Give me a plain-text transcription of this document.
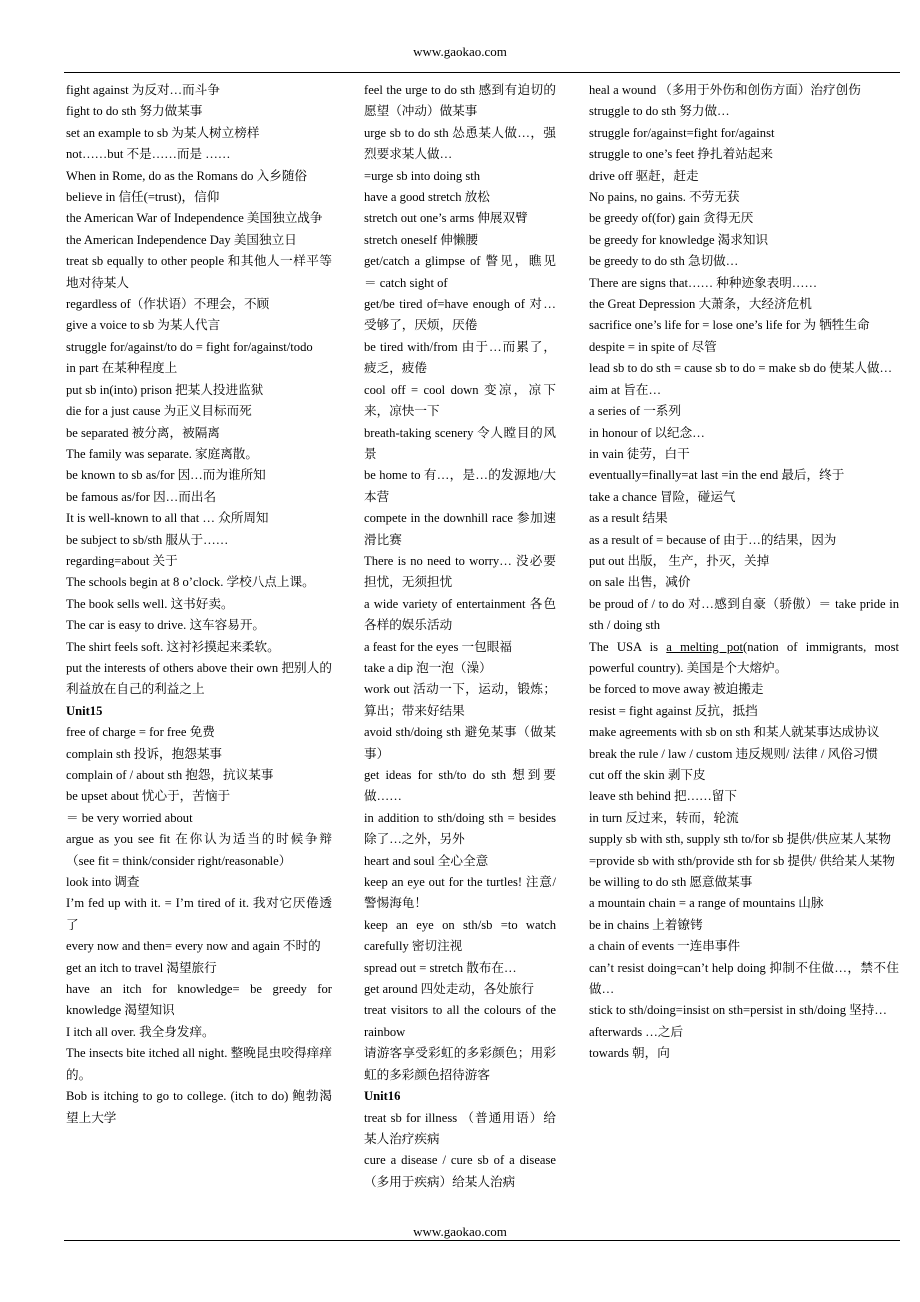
www.gaokao.com
fight against 为反对…而斗争
fight to do sth 努力做某事
set an example to sb 为某人树立榜样
not……but 不是……而是 ……
When in Rome, do as the Romans do 入乡随俗
believe in 信任(=trust)，信仰
the American War of Independence 美国独立战争
the American Independence Day 美国独立日
treat sb equally to other people 和其他人一样平等地对待某人
regardless of（作状语）不理会，不顾
give a voice to sb 为某人代言
struggle for/against/to do = fight for/against/todo
in part 在某种程度上
put sb in(into) prison 把某人投进监狱
die for a just cause 为正义目标而死
be separated 被分离，被隔离
The family was separate. 家庭离散。
be known to sb as/for 因…而为谁所知
be famous as/for 因…而出名
It is well-known to all that … 众所周知
be subject to sb/sth 服从于……
regarding=about 关于
The schools begin at 8 o’clock. 学校八点上课。
The book sells well. 这书好卖。
The car is easy to drive. 这车容易开。
The shirt feels soft. 这衬衫摸起来柔软。
put the interests of others above their own 把别人的利益放在自己的利益之上
Unit15
free of charge = for free 免费
complain sth 投诉，抱怨某事
complain of / about sth 抱怨，抗议某事
be upset about 忧心于，苦恼于
＝ be very worried about
argue as you see fit 在你认为适当的时候争辩（see fit = think/consider right/reasonable）
look into 调查
I’m fed up with it. = I’m tired of it. 我对它厌倦透了
every now and then= every now and again 不时的
get an itch to travel 渴望旅行
have an itch for knowledge= be greedy for knowledge 渴望知识
I itch all over. 我全身发痒。
The insects bite itched all night. 整晚昆虫咬得痒痒的。
Bob is itching to go to college. (itch to do) 鲍勃渴望上大学
feel the urge to do sth 感到有迫切的愿望（冲动）做某事
urge sb to do sth 怂恿某人做…，强烈要求某人做…
=urge sb into doing sth
have a good stretch 放松
stretch out one’s arms 伸展双臂
stretch oneself 伸懒腰
get/catch a glimpse of 瞥见，瞧见 ＝ catch sight of
get/be tired of=have enough of 对…受够了，厌烦，厌倦
be tired with/from 由于…而累了，疲乏，疲倦
cool off = cool down 变凉，凉下来，凉快一下
breath-taking scenery 令人瞠目的风景
be home to 有…，是…的发源地/大本营
compete in the downhill race 参加速滑比赛
There is no need to worry… 没必要担忧，无须担忧
a wide variety of entertainment 各色各样的娱乐活动
a feast for the eyes 一包眼福
take a dip 泡一泡（澡）
work out 活动一下，运动，锻炼；算出；带来好结果
avoid sth/doing sth 避免某事（做某事）
get ideas for sth/to do sth 想到要做……
in addition to sth/doing sth = besides 除了…之外，另外
heart and soul 全心全意
keep an eye out for the turtles! 注意/警惕海龟！
keep an eye on sth/sb =to watch carefully 密切注视
spread out = stretch 散布在…
get around 四处走动，各处旅行
treat visitors to all the colours of the rainbow
请游客享受彩虹的多彩颜色；用彩虹的多彩颜色招待游客
Unit16
treat sb for illness （普通用语）给某人治疗疾病
cure a disease / cure sb of a disease （多用于疾病）给某人治病
heal a wound （多用于外伤和创伤方面）治疗创伤
struggle to do sth 努力做…
struggle for/against=fight for/against
struggle to one’s feet 挣扎着站起来
drive off 驱赶，赶走
No pains, no gains. 不劳无获
be greedy of(for) gain 贪得无厌
be greedy for knowledge 渴求知识
be greedy to do sth 急切做…
There are signs that…… 种种迹象表明……
the Great Depression 大萧条，大经济危机
sacrifice one’s life for = lose one’s life for 为 牺牲生命
despite = in spite of 尽管
lead sb to do sth = cause sb to do = make sb do 使某人做…
aim at 旨在…
a series of 一系列
in honour of 以纪念…
in vain 徒劳，白干
eventually=finally=at last =in the end 最后，终于
take a chance 冒险，碰运气
as a result 结果
as a result of = because of 由于…的结果，因为
put out 出版， 生产，扑灭，关掉
on sale 出售，减价
be proud of / to do 对…感到自豪（骄傲）＝ take pride in sth / doing sth
The USA is a melting pot(nation of immigrants, most powerful country). 美国是个大熔炉。
be forced to move away 被迫搬走
resist = fight against 反抗，抵挡
make agreements with sb on sth 和某人就某事达成协议
break the rule / law / custom 违反规则/ 法律 / 风俗习惯
cut off the skin 剥下皮
leave sth behind 把……留下
in turn 反过来，转而，轮流
supply sb with sth, supply sth to/for sb 提供/供应某人某物
=provide sb with sth/provide sth for sb 提供/ 供给某人某物
be willing to do sth 愿意做某事
a mountain chain = a range of mountains 山脉
be in chains 上着镣铐
a chain of events 一连串事件
can’t resist doing=can’t help doing 抑制不住做…，禁不住做…
stick to sth/doing=insist on sth=persist in sth/doing 坚持…
afterwards …之后
towards 朝，向
www.gaokao.com
